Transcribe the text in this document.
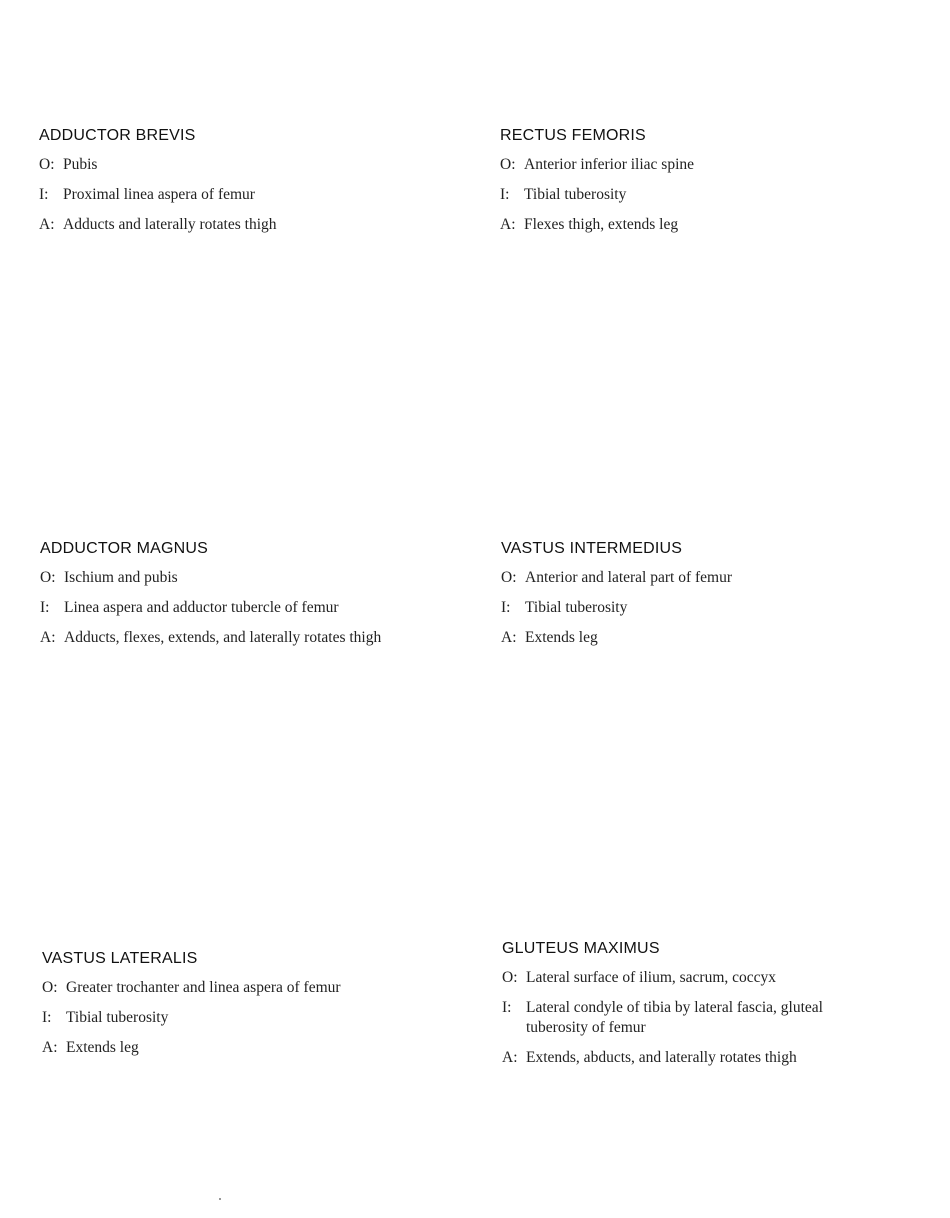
ADDUCTOR BREVIS
O: Pubis
I: Proximal linea aspera of femur
A: Adducts and laterally rotates thigh
RECTUS FEMORIS
O: Anterior inferior iliac spine
I: Tibial tuberosity
A: Flexes thigh, extends leg
ADDUCTOR MAGNUS
O: Ischium and pubis
I: Linea aspera and adductor tubercle of femur
A: Adducts, flexes, extends, and laterally rotates thigh
VASTUS INTERMEDIUS
O: Anterior and lateral part of femur
I: Tibial tuberosity
A: Extends leg
VASTUS LATERALIS
O: Greater trochanter and linea aspera of femur
I: Tibial tuberosity
A: Extends leg
GLUTEUS MAXIMUS
O: Lateral surface of ilium, sacrum, coccyx
I: Lateral condyle of tibia by lateral fascia, gluteal tuberosity of femur
A: Extends, abducts, and laterally rotates thigh
